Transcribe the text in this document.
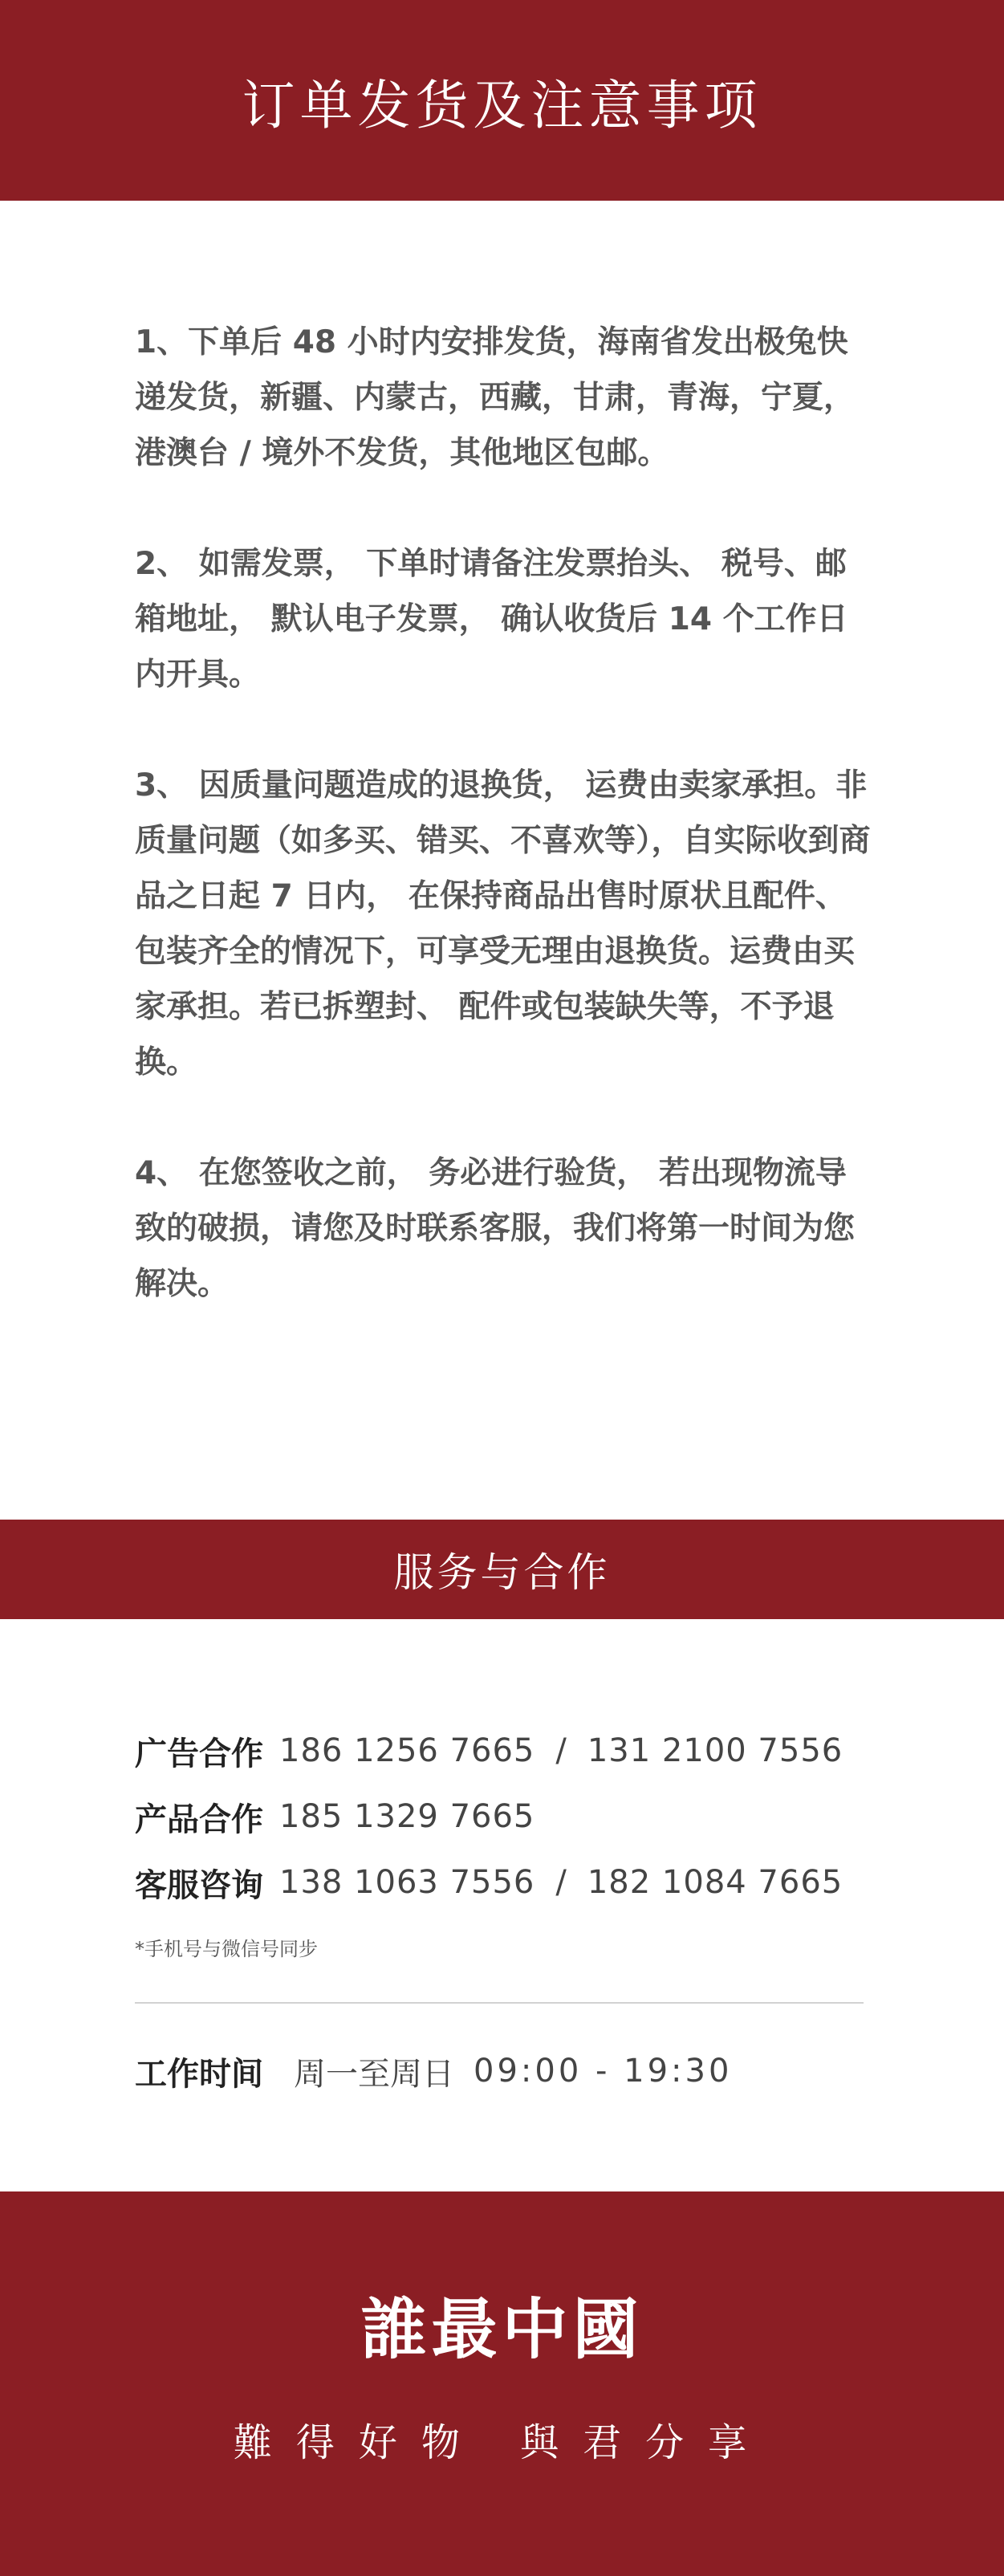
订单发货及注意事项

1、下单后 48 小时内安排发货，海南省发出极兔快递发货，新疆、内蒙古，西藏，甘肃，青海，宁夏，港澳台 / 境外不发货，其他地区包邮。

2、 如需发票， 下单时请备注发票抬头、 税号、邮箱地址， 默认电子发票， 确认收货后 14 个工作日内开具。

3、 因质量问题造成的退换货， 运费由卖家承担。非质量问题（如多买、错买、不喜欢等），自实际收到商品之日起 7 日内， 在保持商品出售时原状且配件、包装齐全的情况下，可享受无理由退换货。运费由买家承担。若已拆塑封、 配件或包装缺失等，不予退换。

4、 在您签收之前， 务必进行验货， 若出现物流导致的破损，请您及时联系客服，我们将第一时间为您解决。

服务与合作
广告合作 186 1256 7665 / 131 2100 7556
产品合作 185 1329 7665
客服咨询 138 1063 7556 / 182 1084 7665
*手机号与微信号同步
工作时间 周一至周日 09:00 - 19:30
誰最中國
難得好物 與君分享
